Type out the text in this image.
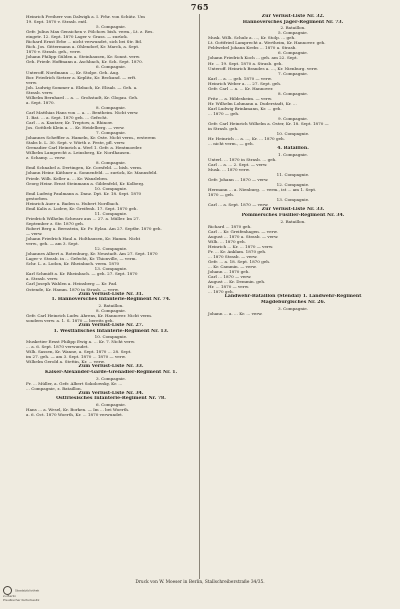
765
Heinrich Freiherr von Dalwigk a. I. Frhr. von Schütz. Um
19. Sept. 1870 v. Strasb. entl.
5. Compagnie.
Gefr. Julius Max Gensichen v. Pölchow. bish. verm., Lt. z. Res.
eingetr. 12. Sept. 1870 Lager v. Grass. — zurück.
Richard Ernst Erbe ... nicht verwundet, sich bei Str. Bd.
Rich. Jos. Gittermann a. Ohlendorf, Kr. Marck, a. Sept.
1870 v. Strasb. geh., verw.
Johann Philipp Gülden a. Steinhausen, Kr. Sonnt. verw.
Geh. Friedr. Hoffmann a. Aschbach, Kr. Sch. Sept. 1870.
6. Compagnie.
Unteroff. Nordmann ..., Kr. Stolpe. Geh. Aug.
Bor. Friedrich Sietzer a. Keplitz, Kr. Beckund. — erft.
verw.
Joh. Ludwig Sommer a. Elzbach, Kr. Elisab. — Geh. a.
Strasb. verw.
Wilhelm Bernhard ... a. ... Grohstadt, Kr. Glogau. Geh.
a. Sept. 1870.
8. Compagnie.
Carl Matthias Hans von ... a. ... Bentheim. Nicht verw.
1. Bat. ... a. Sept. 1870 geh. ... Gefecht.
Carl ... a. Kautzer, Kr. Treptow, a. Rhinow.
Jos. Gottlieb Klein a. ... Kr. Heidelberg. — verw.
7. Compagnie.
Johannes Scheffler a. Hameln, Kr. Oste. Nicht verm., ersterem
Stabs b. L. 30. Sept. v. Wörth z. Feste, pfl. verw.
Grenadier Carl Heinrich a. Werl 1. Gefr. a. Hentmoeder.
Wilhelm Lamprecht a. Leinsberg, Kr. Nordhausen.
z. Schamy. — verw.
8. Compagnie.
Emil Schnabel a. Dertingen, Kr. Coesfeld. — bish. verm.
Johann Heinr. Käthner a. Sonnenfeld. — zurück, Kr. Mannsfeld.
Friedr. Wilh. Keller a. ... Kr. Wanzleben.
Georg Heinr. Ernst Steinmann a. Gildenfeld, Kr. Kolberg.
10. Compagnie.
Emil Ludwig Paulmann a. Danz. Dpt. Kr. 18. Sept. 1870
gestorben.
Heinrich Auer a. Baden u. Hubert Nordbach.
Emil Kalis a. Lodew, Kr. Greifenh. 17. Sept. 1870 geh.
11. Compagnie.
Friedrich Wilhelm Schwarz aus ... 27. a. Müller. Im 27.
September z. Str. 1870 geh.
Robert Berg a. Bernstein, Kr. Pr. Eylau. Am 27. Septbr. 1870 geh.
— verw.
Johann Friedrich Haul a. Holthausen, Kr. Hamm. Nicht
verw., geh. — am 3. Sept.
12. Compagnie.
Johannes Albert a. Rotenburg, Kr. Neustadt. Am 27. Sept. 1870
Lager v. Strasb. in ... Gefecht, Kr. Thionville, — verm.
Schr. L. a. Lodon, Kr. Rheinbach. verm. 1870
13. Compagnie.
Karl Schmidt a. Kr. Rheinbach. — geh. 27. Sept. 1870
a. Strasb. verw.
Carl Joseph Wahlen a. Heinsberg — Kr. Pad.
Ostende, Kr. Hamm. 1870 in Strasb. — verw.
Zum Verlust-Liste Nr. 31.
1. Hannoversches Infanterie-Regiment Nr. 74.
2. Bataillon.
8. Compagnie.
Gefr. Carl Heinrich Ludw. Ahrens, Kr. Hannover. Nicht verm.
sondern verw. a. 1. S. 1870 — bereits geh.
Zum Verlust-Liste Nr. 27.
1. Westfälisches Infanterie-Regiment Nr. 13.
10. Compagnie.
Musketier Ernst Philipp Ewig a. ... Kr. 7. Nicht verw.
... a. 6. Sept. 1870 verwundet.
Wilh. Sassen, Kr. Wanne, a. Sept. 1870 ... 28. Sept.
im 27. geh. — am 3. Sept. 1870 ... 1870 — verw.
Wilhelm Gerold a. Stettin, Kr. ... verw.
Zum Verlust-Liste Nr. 33.
Kaiser-Alexander-Garde-Grenadier-Regiment Nr. 1.
3. Compagnie.
Fr. ... Müller, a. Gefr. Albert Sokolowsky, Kr. ...
... Compagnie, z. Bataillon.
Zum Verlust-Liste Nr. 34.
Ostfriesisches Infanterie-Regiment Nr. 78.
6. Compagnie.
Hans ... a. Wesel, Kr. Borken. — Im ... bei Woerth.
a. 6. Oct. 1870 Woerth, Kr. ... 1870 verwundet.
Zur Verlust-Liste Nr. 32.
Hannoversches Jäger-Regiment Nr. 73.
2. Bataillon.
5. Compagnie.
Musk. Wilh. Schulz a. ..., Kr. Stolp. ... geh.
Lt. Gottfried Lamprecht a. Wertheim, Kr. Hannover. geh.
Feldwebel Johann Krebs ... 1870 a. Strasb.
6. Compagnie.
Johann Friedrich Koch ... geh. am 22. Sept.
Hr. ... 19. Sept. 1870 a. Strasb. geh.
Unteroff. Heinrich Brandes a. ..., Kr. Nienburg. verw.
7. Compagnie.
Karl ... a. ... geh. 1870 — verw.
Heinrich Weber a. ... 27. Sept. geh.
Gefr. Carl ... a. ... Kr. Hannover.
8. Compagnie.
Fritz ... a. Hildesheim. — verw.
Hr. Wilhelm Lohmann a. Duderstadt, Kr. ...
Karl Ludwig Brinkmann, Kr. ... geh.
... 1870 — geh.
9. Compagnie.
Gefr. Carl Heinrich Wilhelm a. Oster, Kr. 18. Sept. 1870 —
in Strasb. geh.
10. Compagnie.
Hr. Heinrich ... a. ..., Kr. ... 1870 geh.
... nicht verm., — geh.
4. Bataillon.
1. Compagnie.
Unterl. ... 1870 in Strasb. ... geh.
Carl ... a. ... 2. Sept. — verw.
Musk. ... 1870 verw.
11. Compagnie.
Gefr. Johann ... 1870 — verw.
12. Compagnie.
Hermann ... a. Nienburg. ... verm., ist ... am 1. Sept.
1870 — geh.
13. Compagnie.
Carl ... a. Sept. 1870 — verw.
Zur Verlust-Liste Nr. 33.
Pommersches Füsilier-Regiment Nr. 34.
2. Bataillon.
Richard ... 1870 geh.
Carl ... Kr. Greifenhagen. — verw.
August ... 1870 a. Strasb. — verw.
Wilh. ... 1870 geh.
Heinrich ... Kr. ... 1870 — verw.
Fr. ... Kr. Anklam. 1870 geh.
... 1870 Strasb. — verw.
Gefr. ... a. 18. Sept. 1870 geh.
... Kr. Cammin. — verw.
Johann ... 1870 geh.
Carl ... 1870 — verw.
August ... Kr. Demmin. geh.
Hr. ... 1870 — verw.
... 1870 geh.
Landwehr-Bataillon (Stendal) 1. Landwehr-Regiment
Magdeburgisches Nr. 26.
3. Compagnie.
Johann ... a. ... Kr. ... verw.
Druck von W. Moeser in Berlin, Stallschreiberstraße 34/35.
Staatsbibliothek
zu Berlin
Preußischer Kulturbesitz
